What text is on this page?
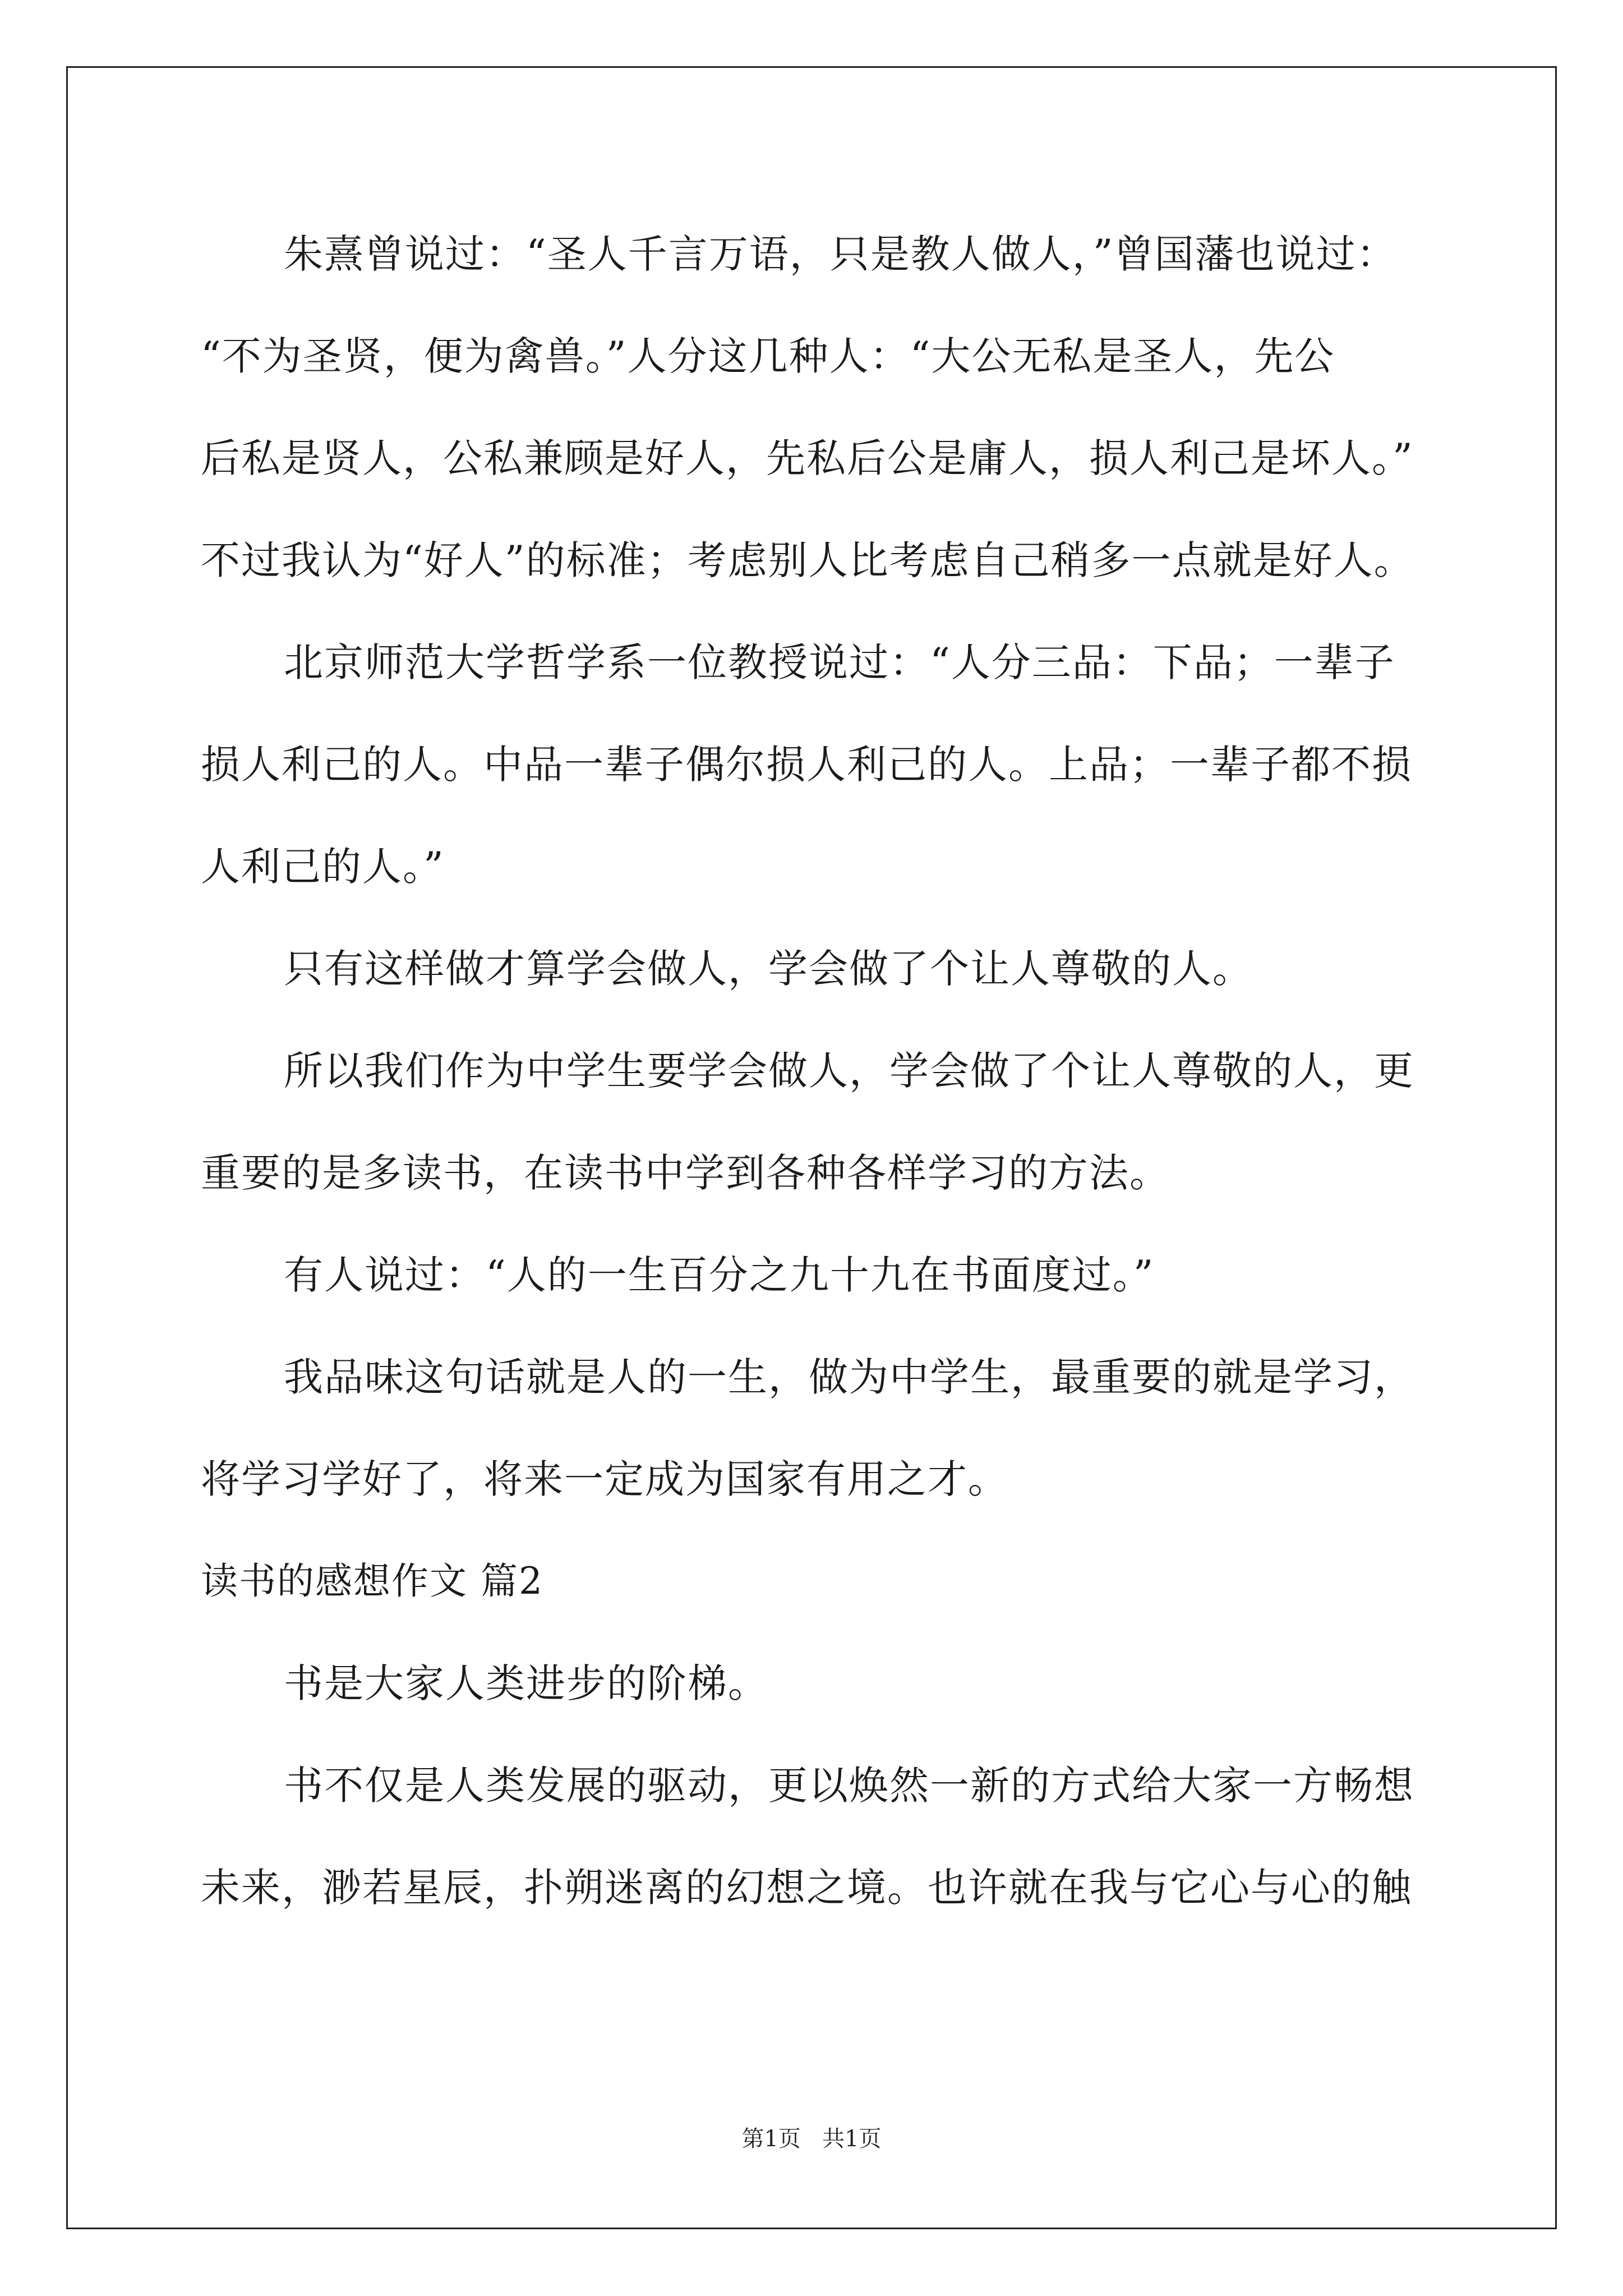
朱熹曾说过：“圣人千言万语，只是教人做人，”曾国藩也说过：
“不为圣贤，便为禽兽。”人分这几种人：“大公无私是圣人，先公
后私是贤人，公私兼顾是好人，先私后公是庸人，损人利己是坏人。”
不过我认为“好人”的标准；考虑别人比考虑自己稍多一点就是好人。
北京师范大学哲学系一位教授说过：“人分三品：下品；一辈子
损人利己的人。中品一辈子偶尔损人利己的人。上品；一辈子都不损
人利己的人。”
只有这样做才算学会做人，学会做了个让人尊敬的人。
所以我们作为中学生要学会做人，学会做了个让人尊敬的人，更
重要的是多读书，在读书中学到各种各样学习的方法。
有人说过：“人的一生百分之九十九在书面度过。”
我品味这句话就是人的一生，做为中学生，最重要的就是学习，
将学习学好了，将来一定成为国家有用之才。
读书的感想作文 篇2
书是大家人类进步的阶梯。
书不仅是人类发展的驱动，更以焕然一新的方式给大家一方畅想
未来，渺若星辰，扑朔迷离的幻想之境。也许就在我与它心与心的触
第1页   共1页
